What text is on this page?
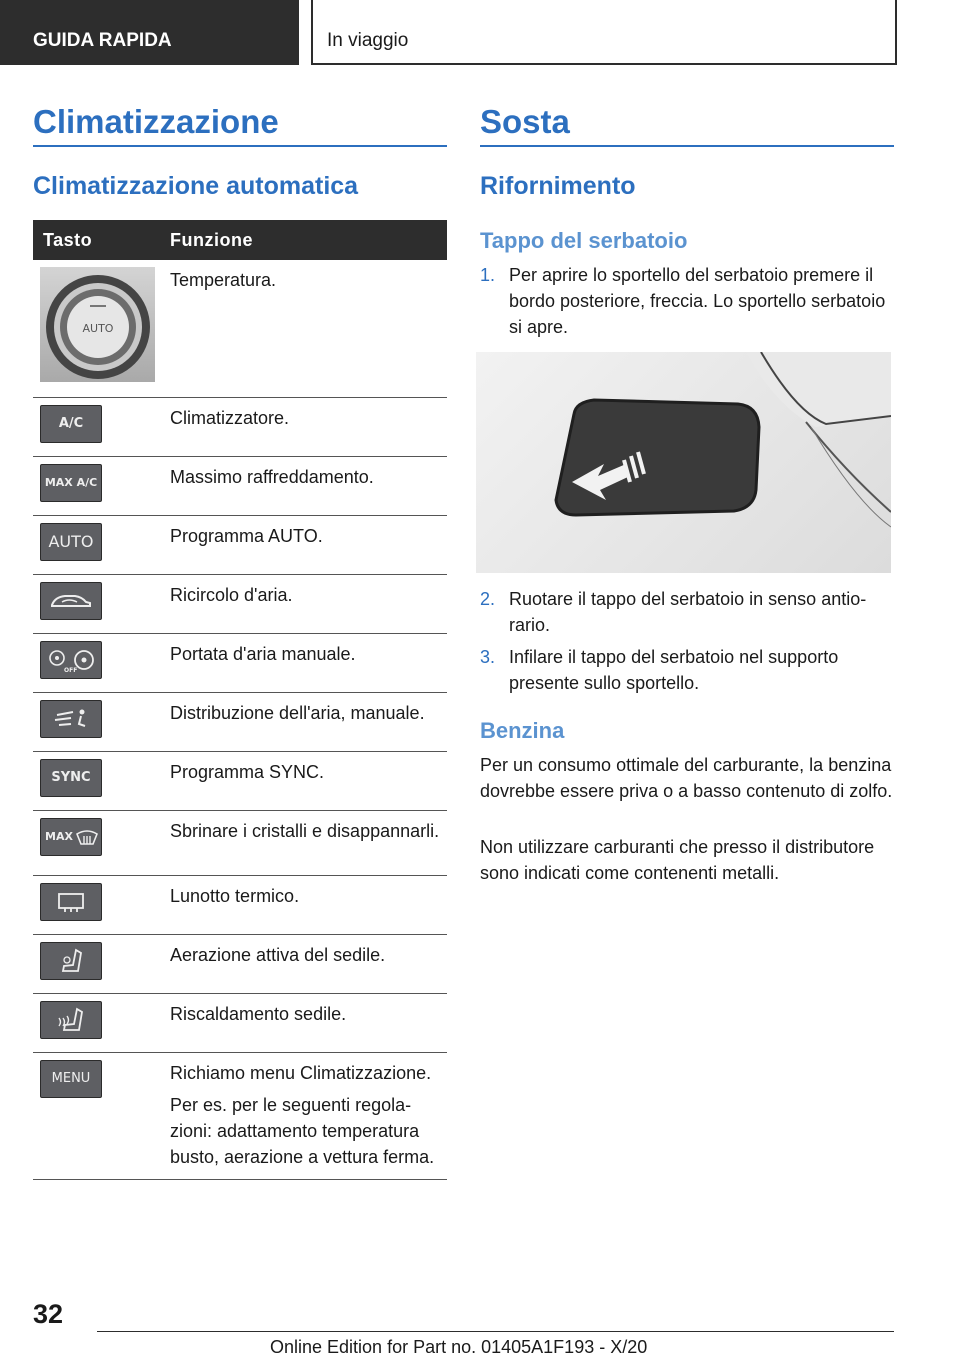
GUIDA RAPIDA	In viaggio
Climatizzazione
Climatizzazione automatica
Tasto	Funzione

AUTO	Temperatura.

A/C	Climatizzatore.

MAX A/C	Massimo raffreddamento.

AUTO	Programma AUTO.

	Ricircolo d'aria.

OFF	Portata d'aria manuale.

	Distribuzione dell'aria, manuale.

SYNC	Programma SYNC.

MAX	Sbrinare i cristalli e disappannarli.

	Lunotto termico.

	Aerazione attiva del sedile.

	Riscaldamento sedile.

MENU	Richiamo menu Climatizzazione.
Per es. per le seguenti regolazioni: adattamento temperatura busto, aerazione a vettura ferma.
Sosta
Rifornimento
Tappo del serbatoio
1. Per aprire lo sportello del serbatoio premere il bordo posteriore, freccia. Lo sportello serbatoio si apre.
2. Ruotare il tappo del serbatoio in senso antiorario.
3. Infilare il tappo del serbatoio nel supporto presente sullo sportello.
Benzina

Per un consumo ottimale del carburante, la benzina dovrebbe essere priva o a basso contenuto di zolfo.

Non utilizzare carburanti che presso il distributore sono indicati come contenenti metalli.

32
Online Edition for Part no. 01405A1F193 - X/20
